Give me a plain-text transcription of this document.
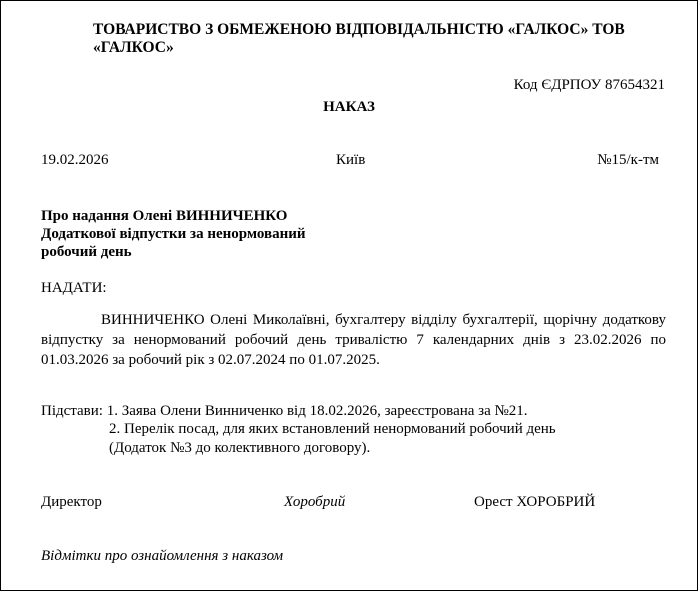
ТОВАРИСТВО З ОБМЕЖЕНОЮ ВІДПОВІДАЛЬНІСТЮ «ГАЛКОС» ТОВ
«ГАЛКОС»
Код ЄДРПОУ 87654321
НАКАЗ
19.02.2026	Київ	№15/к-тм
Про надання Олені ВИННИЧЕНКО
Додаткової відпустки за ненормований
робочий день
НАДАТИ:
ВИННИЧЕНКО Олені Миколаївні, бухгалтеру відділу бухгалтерії, щорічну додаткову відпустку за ненормований робочий день тривалістю 7 календарних днів з 23.02.2026 по 01.03.2026 за робочий рік з 02.07.2024 по 01.07.2025.
Підстави: 1. Заява Олени Винниченко від 18.02.2026, зареєстрована за №21.
2. Перелік посад, для яких встановлений ненормований робочий день
(Додаток №3 до колективного договору).
Директор	Хоробрий	Орест ХОРОБРИЙ
Відмітки про ознайомлення з наказом
